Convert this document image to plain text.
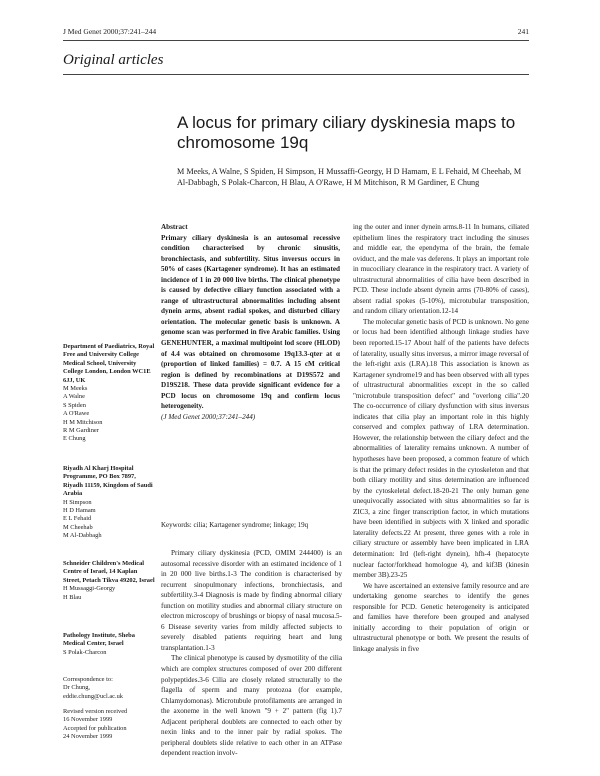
J Med Genet 2000;37:241–244	241
Original articles
A locus for primary ciliary dyskinesia maps to chromosome 19q
M Meeks, A Walne, S Spiden, H Simpson, H Mussaffi-Georgy, H D Hamam, E L Fehaid, M Cheehab, M Al-Dabbagh, S Polak-Charcon, H Blau, A O'Rawe, H M Mitchison, R M Gardiner, E Chung
Department of Paediatrics, Royal Free and University College Medical School, University College London, London WC1E 6JJ, UK
M Meeks
A Walne
S Spiden
A O'Rawe
H M Mitchison
R M Gardiner
E Chung
Riyadh Al Kharj Hospital Programme, PO Box 7897, Riyadh 11159, Kingdom of Saudi Arabia
H Simpson
H D Hamam
E L Fehaid
M Cheehab
M Al-Dabbagh
Schneider Children's Medical Centre of Israel, 14 Kaplan Street, Petach Tikva 49202, Israel
H Mussaggi-Georgy
H Blau
Pathology Institute, Sheba Medical Center, Israel
S Polak-Charcon
Correspondence to:
Dr Chung,
eddie.chung@ucl.ac.uk
Revised version received
16 November 1999
Accepted for publication
24 November 1999
Abstract
Primary ciliary dyskinesia is an autosomal recessive condition characterised by chronic sinusitis, bronchiectasis, and subfertility. Situs inversus occurs in 50% of cases (Kartagener syndrome). It has an estimated incidence of 1 in 20 000 live births. The clinical phenotype is caused by defective ciliary function associated with a range of ultrastructural abnormalities including absent dynein arms, absent radial spokes, and disturbed ciliary orientation. The molecular genetic basis is unknown. A genome scan was performed in five Arabic families. Using GENEHUNTER, a maximal multipoint lod score (HLOD) of 4.4 was obtained on chromosome 19q13.3-qter at α (proportion of linked families) = 0.7. A 15 cM critical region is defined by recombinations at D19S572 and D19S218. These data provide significant evidence for a PCD locus on chromosome 19q and confirm locus heterogeneity.
(J Med Genet 2000;37:241–244)
Keywords: cilia; Kartagener syndrome; linkage; 19q

Primary ciliary dyskinesia (PCD, OMIM 244400) is an autosomal recessive disorder with an estimated incidence of 1 in 20 000 live births.1-3 The condition is characterised by recurrent sinopulmonary infections, bronchiectasis, and subfertility.3-4 Diagnosis is made by finding abnormal ciliary function on motility studies and abnormal ciliary structure on electron microscopy of brushings or biopsy of nasal mucosa.5-6 Disease severity varies from mildly affected subjects to severely disabled patients requiring heart and lung transplantation.1-3

The clinical phenotype is caused by dysmotility of the cilia which are complex structures composed of over 200 different polypeptides.3-6 Cilia are closely related structurally to the flagella of sperm and many protozoa (for example, Chlamydomonas). Microtubule protofilaments are arranged in the axoneme in the well known "9 + 2" pattern (fig 1).7 Adjacent peripheral doublets are connected to each other by nexin links and to the inner pair by radial spokes. The peripheral doublets slide relative to each other in an ATPase dependent reaction involv-

ing the outer and inner dynein arms.8-11 In humans, ciliated epithelium lines the respiratory tract including the sinuses and middle ear, the ependyma of the brain, the female oviduct, and the male vas deferens. It plays an important role in mucociliary clearance in the respiratory tract. A variety of ultrastructural abnormalities of cilia have been described in PCD. These include absent dynein arms (70-80% of cases), absent radial spokes (5-10%), microtubular transposition, and random ciliary orientation.12-14

The molecular genetic basis of PCD is unknown. No gene or locus had been identified although linkage studies have been reported.15-17 About half of the patients have defects of laterality, usually situs inversus, a mirror image reversal of the left-right axis (LRA).18 This association is known as Kartagener syndrome19 and has been observed with all types of ultrastructural abnormalities except in the so called "microtubule transposition defect" and "overlong cilia".20 The co-occurrence of ciliary dysfunction with situs inversus indicates that cilia play an important role in this highly conserved and complex pathway of LRA determination. However, the relationship between the ciliary defect and the abnormalities of laterality remains unknown. A number of hypotheses have been proposed, a common feature of which is that the primary defect resides in the cytoskeleton and that both ciliary motility and situs determination are influenced by the cytoskeletal defect.18-20-21 The only human gene unequivocally associated with situs abnormalities so far is ZIC3, a zinc finger transcription factor, in which mutations have been identified in subjects with X linked and sporadic laterality defects.22 At present, three genes with a role in ciliary structure or assembly have been implicated in LRA determination: Ird (left-right dynein), hfh-4 (hepatocyte nuclear factor/forkhead homologue 4), and kif3B (kinesin member 3B).23-25

We have ascertained an extensive family resource and are undertaking genome searches to identify the genes responsible for PCD. Genetic heterogeneity is anticipated and families have therefore been grouped and analysed initially according to their population of origin or ultrastructural phenotype or both. We present the results of linkage analysis in five
